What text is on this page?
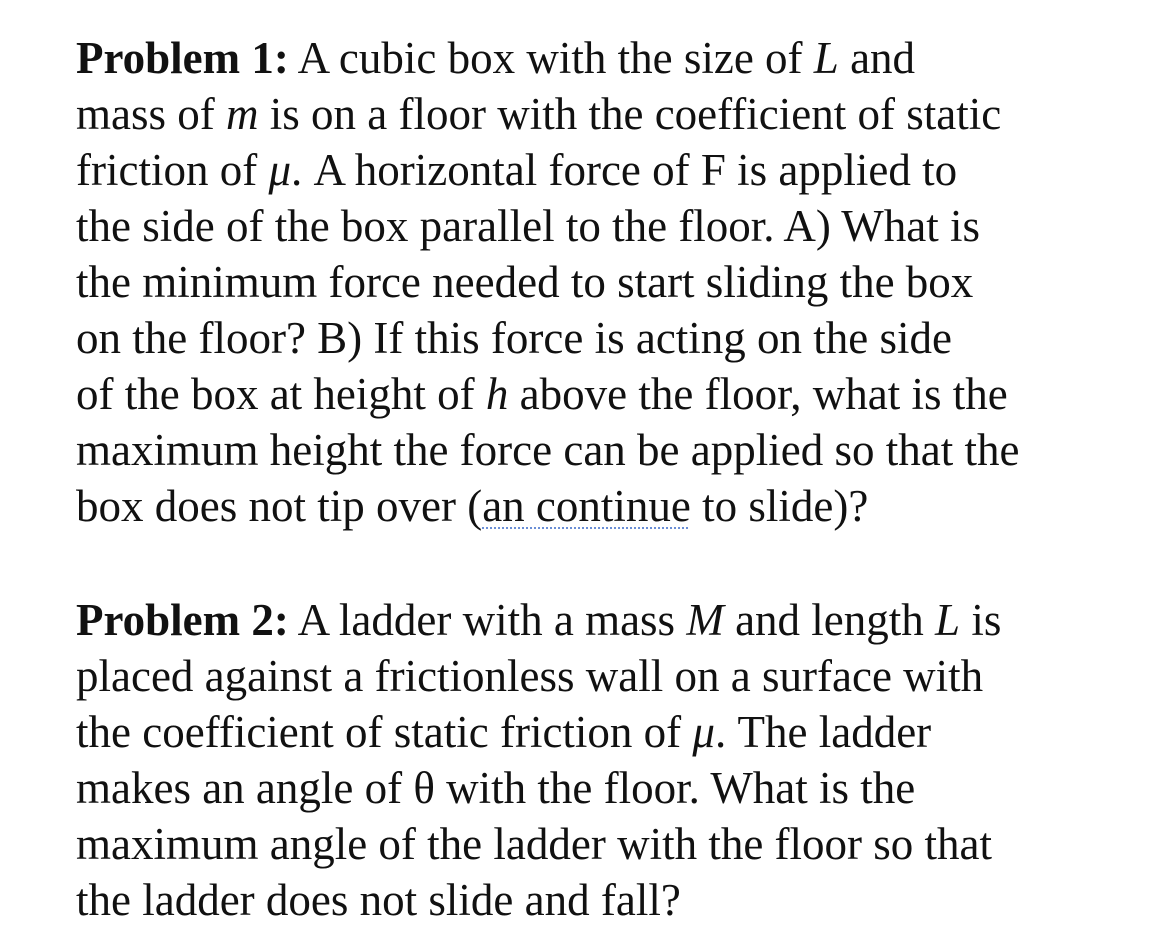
Problem 1: A cubic box with the size of L and
mass of m is on a floor with the coefficient of static
friction of μ. A horizontal force of F is applied to
the side of the box parallel to the floor. A) What is
the minimum force needed to start sliding the box
on the floor? B) If this force is acting on the side
of the box at height of h above the floor, what is the
maximum height the force can be applied so that the
box does not tip over (an continue to slide)?

Problem 2: A ladder with a mass M and length L is
placed against a frictionless wall on a surface with
the coefficient of static friction of μ. The ladder
makes an angle of θ with the floor. What is the
maximum angle of the ladder with the floor so that
the ladder does not slide and fall?
